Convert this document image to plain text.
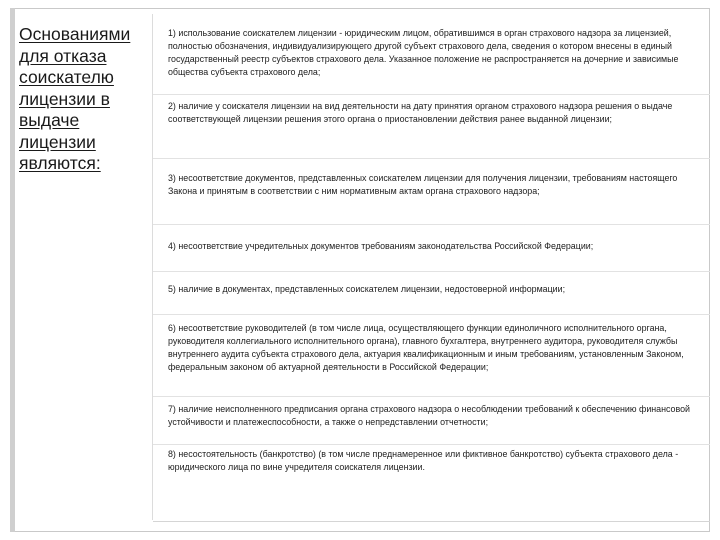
Основаниями для отказа соискателю лицензии в выдаче лицензии являются:

1) использование соискателем лицензии - юридическим лицом, обратившимся в орган страхового надзора за лицензией, полностью обозначения, индивидуализирующего другой субъект страхового дела, сведения о котором внесены в единый государственный реестр субъектов страхового дела. Указанное положение не распространяется на дочерние и зависимые общества субъекта страхового дела;

2) наличие у соискателя лицензии на вид деятельности на дату принятия органом страхового надзора решения о выдаче соответствующей лицензии решения этого органа о приостановлении действия ранее выданной лицензии;

3) несоответствие документов, представленных соискателем лицензии для получения лицензии, требованиям настоящего Закона и принятым в соответствии с ним нормативным актам органа страхового надзора;

4) несоответствие учредительных документов требованиям законодательства Российской Федерации;

5) наличие в документах, представленных соискателем лицензии, недостоверной информации;

6) несоответствие руководителей (в том числе лица, осуществляющего функции единоличного исполнительного органа, руководителя коллегиального исполнительного органа), главного бухгалтера, внутреннего аудитора, руководителя службы внутреннего аудита субъекта страхового дела, актуария квалификационным и иным требованиям, установленным Законом, федеральным законом об актуарной деятельности в Российской Федерации;

7) наличие неисполненного предписания органа страхового надзора о несоблюдении требований к обеспечению финансовой устойчивости и платежеспособности, а также о непредставлении отчетности;

8) несостоятельность (банкротство) (в том числе преднамеренное или фиктивное банкротство) субъекта страхового дела - юридического лица по вине учредителя соискателя лицензии.
